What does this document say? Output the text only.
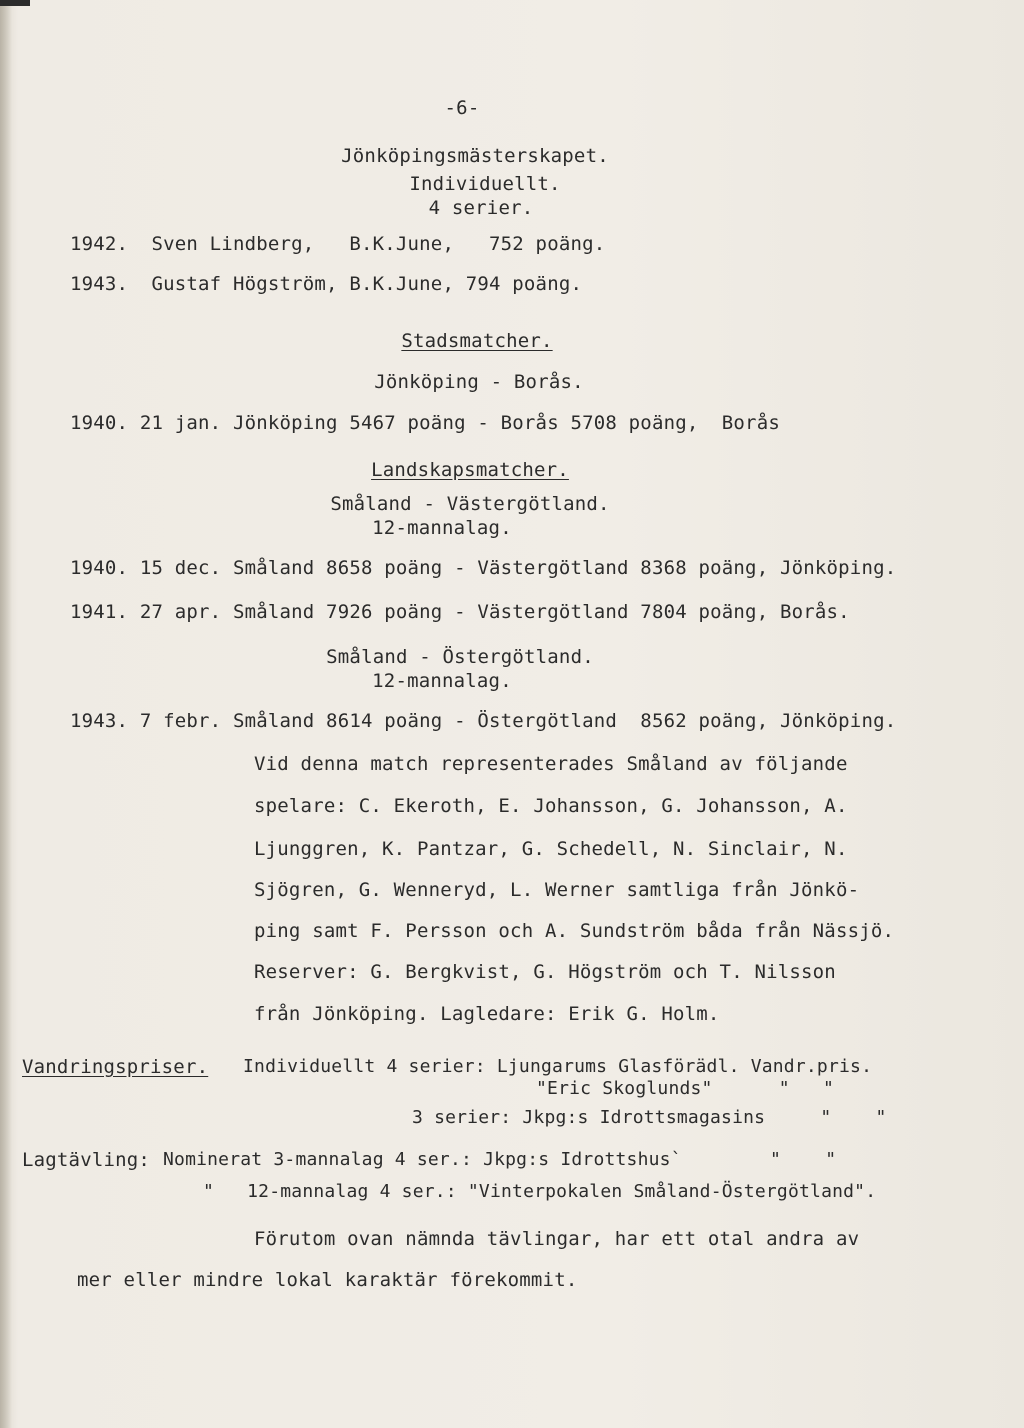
-6-
Jönköpingsmästerskapet.
Individuellt.
4 serier.
1942.  Sven Lindberg,   B.K.June,   752 poäng.
1943.  Gustaf Högström, B.K.June, 794 poäng.
Stadsmatcher.
Jönköping - Borås.
1940. 21 jan. Jönköping 5467 poäng - Borås 5708 poäng,  Borås
Landskapsmatcher.
Småland - Västergötland.
12-mannalag.
1940. 15 dec. Småland 8658 poäng - Västergötland 8368 poäng, Jönköping.
1941. 27 apr. Småland 7926 poäng - Västergötland 7804 poäng, Borås.
Småland - Östergötland.
12-mannalag.
1943. 7 febr. Småland 8614 poäng - Östergötland  8562 poäng, Jönköping.
Vid denna match representerades Småland av följande
spelare: C. Ekeroth, E. Johansson, G. Johansson, A.
Ljunggren, K. Pantzar, G. Schedell, N. Sinclair, N.
Sjögren, G. Wenneryd, L. Werner samtliga från Jönkö-
ping samt F. Persson och A. Sundström båda från Nässjö.
Reserver: G. Bergkvist, G. Högström och T. Nilsson
från Jönköping. Lagledare: Erik G. Holm.
Vandringspriser. Individuellt 4 serier: Ljungarums Glasförädl. Vandr.pris.
"Eric Skoglunds"      "   "
3 serier: Jkpg:s Idrottsmagasins     "    "
Lagtävling: Nominerat 3-mannalag 4 ser.: Jkpg:s Idrottshus`        "    "
"   12-mannalag 4 ser.: "Vinterpokalen Småland-Östergötland".
Förutom ovan nämnda tävlingar, har ett otal andra av
mer eller mindre lokal karaktär förekommit.
